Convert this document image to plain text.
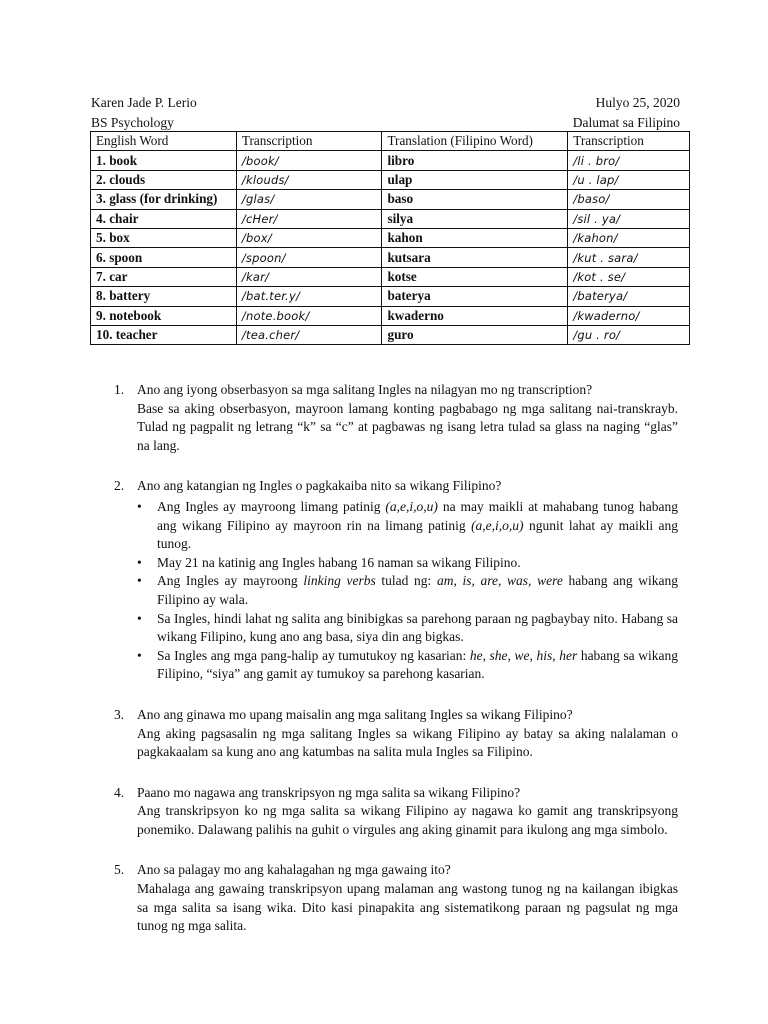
Karen Jade P. Lerio
BS Psychology
Hulyo 25, 2020
Dalumat sa Filipino
English Word	Transcription	Translation (Filipino Word)	Transcription
1. book	/book/	libro	/li . bro/
2. clouds	/klouds/	ulap	/u . lap/
3. glass (for drinking)	/glas/	baso	/baso/
4. chair	/cHer/	silya	/sil . ya/
5. box	/box/	kahon	/kahon/
6. spoon	/spoon/	kutsara	/kut . sara/
7. car	/kar/	kotse	/kot . se/
8. battery	/bat.ter.y/	baterya	/baterya/
9. notebook	/note.book/	kwaderno	/kwaderno/
10. teacher	/tea.cher/	guro	/gu . ro/
1. Ano ang iyong obserbasyon sa mga salitang Ingles na nilagyan mo ng transcription?
Base sa aking obserbasyon, mayroon lamang konting pagbabago ng mga salitang nai-transkrayb. Tulad ng pagpalit ng letrang “k” sa “c” at pagbawas ng isang letra tulad sa glass na naging “glas” na lang.
2. Ano ang katangian ng Ingles o pagkakaiba nito sa wikang Filipino?
• Ang Ingles ay mayroong limang patinig (a,e,i,o,u) na may maikli at mahabang tunog habang ang wikang Filipino ay mayroon rin na limang patinig (a,e,i,o,u) ngunit lahat ay maikli ang tunog.
• May 21 na katinig ang Ingles habang 16 naman sa wikang Filipino.
• Ang Ingles ay mayroong linking verbs tulad ng: am, is, are, was, were habang ang wikang Filipino ay wala.
• Sa Ingles, hindi lahat ng salita ang binibigkas sa parehong paraan ng pagbaybay nito. Habang sa wikang Filipino, kung ano ang basa, siya din ang bigkas.
• Sa Ingles ang mga pang-halip ay tumutukoy ng kasarian: he, she, we, his, her habang sa wikang Filipino, “siya” ang gamit ay tumukoy sa parehong kasarian.
3. Ano ang ginawa mo upang maisalin ang mga salitang Ingles sa wikang Filipino?
Ang aking pagsasalin ng mga salitang Ingles sa wikang Filipino ay batay sa aking nalalaman o pagkakaalam sa kung ano ang katumbas na salita mula Ingles sa Filipino.
4. Paano mo nagawa ang transkripsyon ng mga salita sa wikang Filipino?
Ang transkripsyon ko ng mga salita sa wikang Filipino ay nagawa ko gamit ang transkripsyong ponemiko. Dalawang palihis na guhit o virgules ang aking ginamit para ikulong ang mga simbolo.
5. Ano sa palagay mo ang kahalagahan ng mga gawaing ito?
Mahalaga ang gawaing transkripsyon upang malaman ang wastong tunog ng na kailangan ibigkas sa mga salita sa isang wika. Dito kasi pinapakita ang sistematikong paraan ng pagsulat ng mga tunog ng mga salita.
